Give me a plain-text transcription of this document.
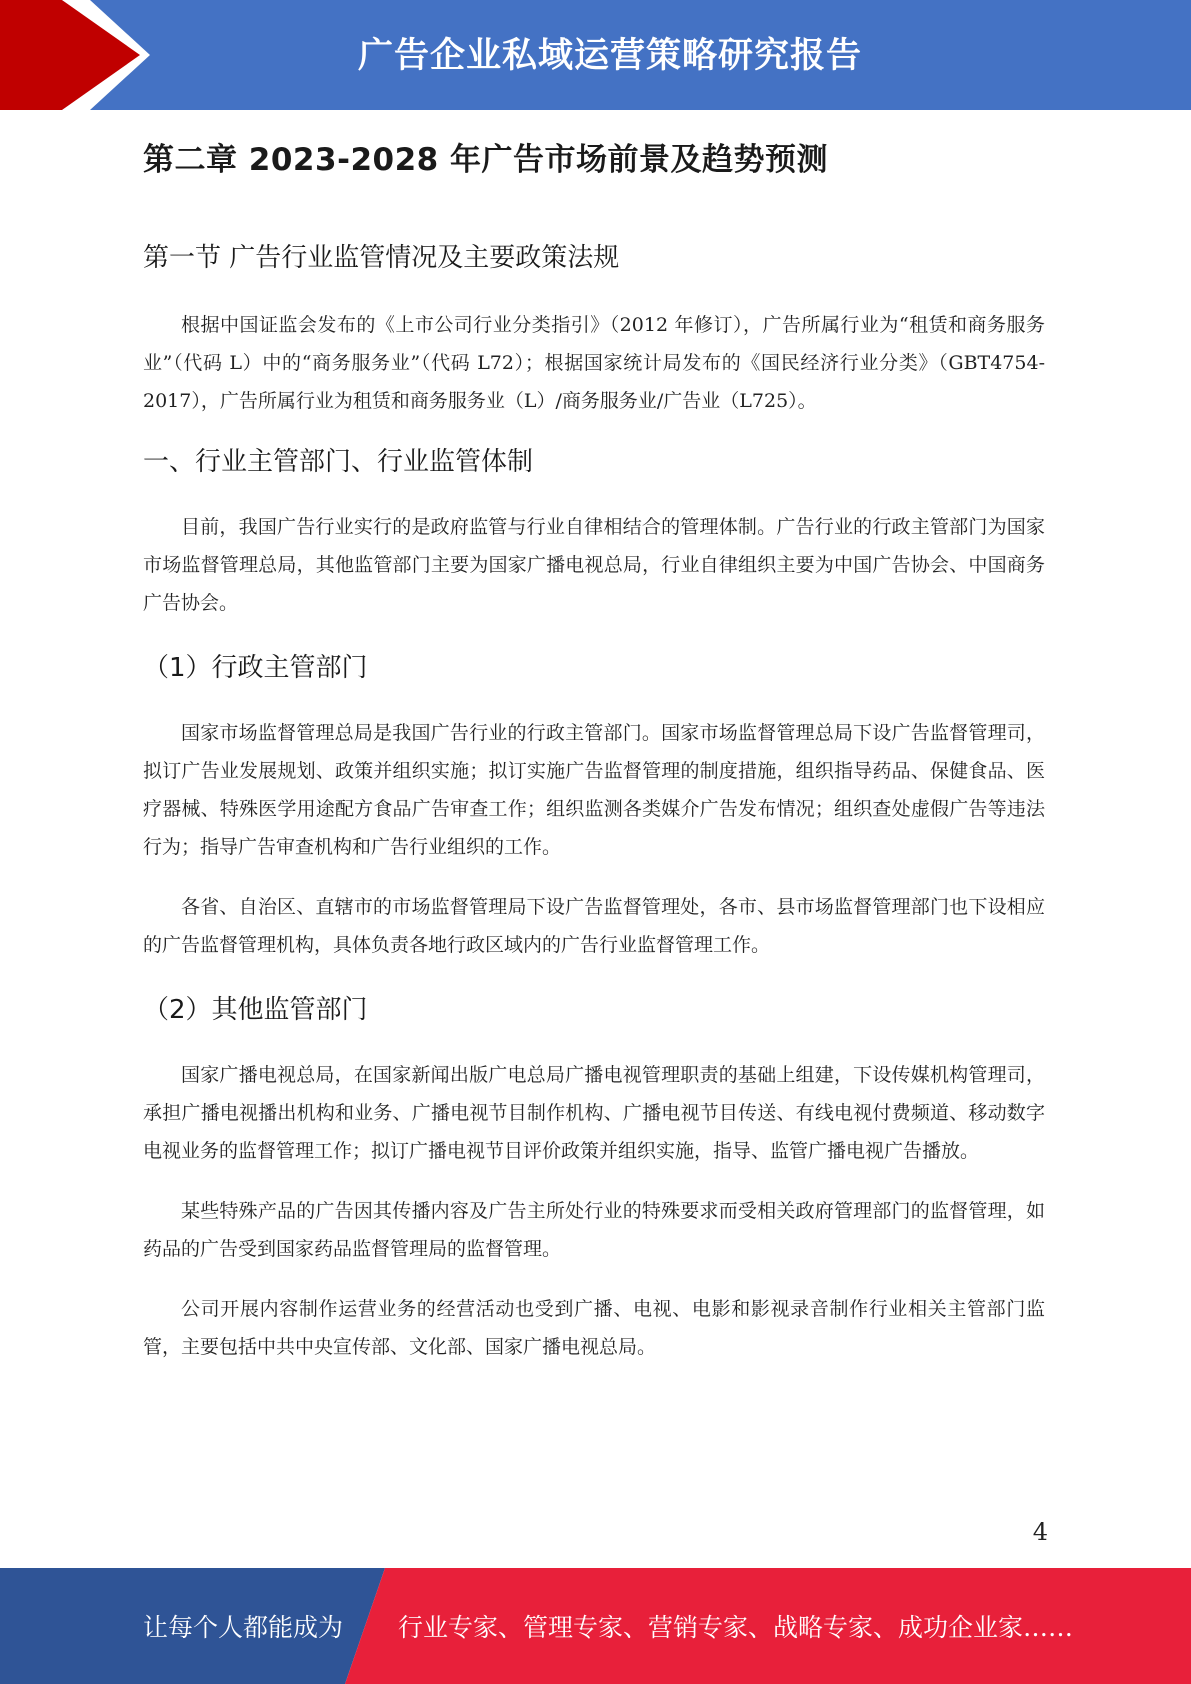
广告企业私域运营策略研究报告
第二章 2023-2028 年广告市场前景及趋势预测
第一节 广告行业监管情况及主要政策法规

根据中国证监会发布的《上市公司行业分类指引》（2012 年修订），广告所属行业为“租赁和商务服务业”（代码 L）中的“商务服务业”（代码 L72）；根据国家统计局发布的《国民经济行业分类》（GBT4754-2017），广告所属行业为租赁和商务服务业（L）/商务服务业/广告业（L725）。

一、行业主管部门、行业监管体制

目前，我国广告行业实行的是政府监管与行业自律相结合的管理体制。广告行业的行政主管部门为国家市场监督管理总局，其他监管部门主要为国家广播电视总局，行业自律组织主要为中国广告协会、中国商务广告协会。

（1）行政主管部门

国家市场监督管理总局是我国广告行业的行政主管部门。国家市场监督管理总局下设广告监督管理司，拟订广告业发展规划、政策并组织实施；拟订实施广告监督管理的制度措施，组织指导药品、保健食品、医疗器械、特殊医学用途配方食品广告审查工作；组织监测各类媒介广告发布情况；组织查处虚假广告等违法行为；指导广告审查机构和广告行业组织的工作。

各省、自治区、直辖市的市场监督管理局下设广告监督管理处，各市、县市场监督管理部门也下设相应的广告监督管理机构，具体负责各地行政区域内的广告行业监督管理工作。

（2）其他监管部门

国家广播电视总局，在国家新闻出版广电总局广播电视管理职责的基础上组建，下设传媒机构管理司，承担广播电视播出机构和业务、广播电视节目制作机构、广播电视节目传送、有线电视付费频道、移动数字电视业务的监督管理工作；拟订广播电视节目评价政策并组织实施，指导、监管广播电视广告播放。

某些特殊产品的广告因其传播内容及广告主所处行业的特殊要求而受相关政府管理部门的监督管理，如药品的广告受到国家药品监督管理局的监督管理。

公司开展内容制作运营业务的经营活动也受到广播、电视、电影和影视录音制作行业相关主管部门监管，主要包括中共中央宣传部、文化部、国家广播电视总局。

4
让每个人都能成为 行业专家、管理专家、营销专家、战略专家、成功企业家……
